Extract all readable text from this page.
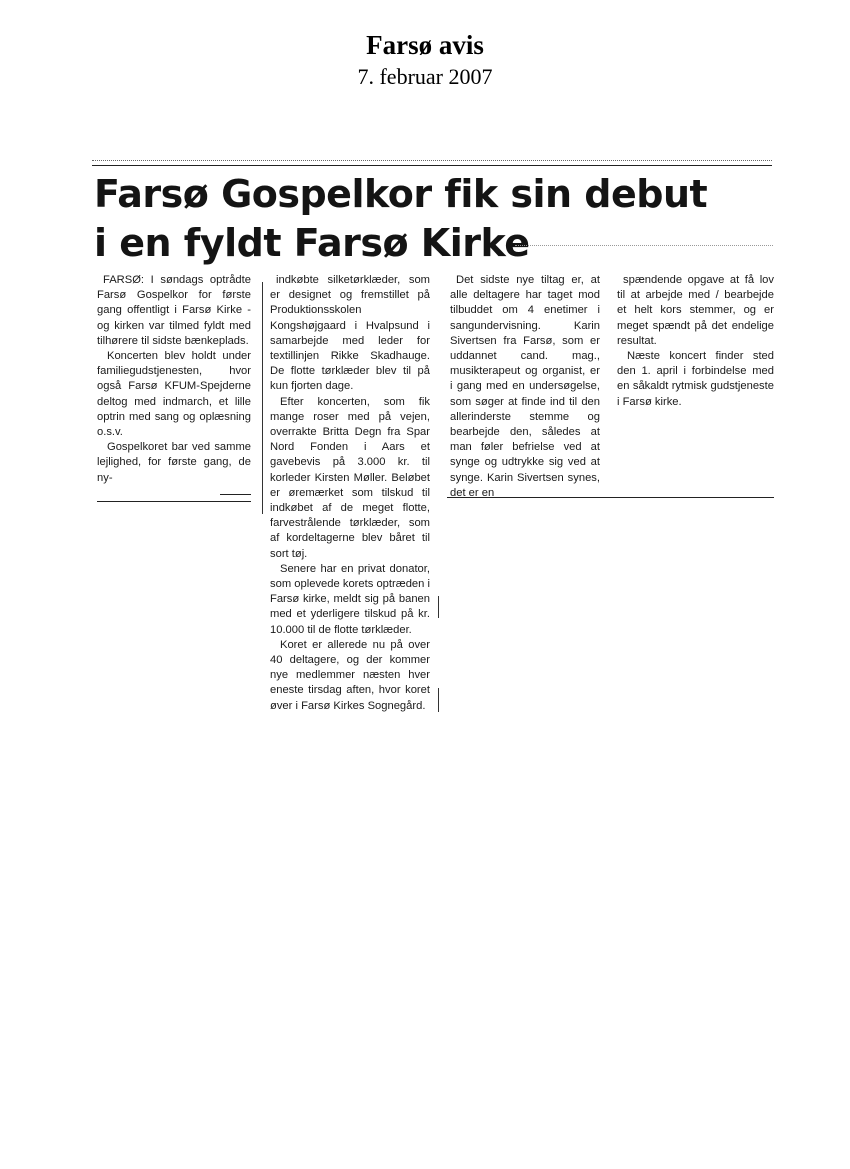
Farsø avis
7. februar 2007
Farsø Gospelkor fik sin debut
i en fyldt Farsø Kirke

FARSØ: I søndags optrådte Farsø Gospelkor for første gang offentligt i Farsø Kirke - og kirken var tilmed fyldt med tilhørere til sidste bænkeplads.

Koncerten blev holdt under familiegudstjenesten, hvor også Farsø KFUM-Spejderne deltog med indmarch, et lille optrin med sang og oplæsning o.s.v.

Gospelkoret bar ved samme lejlighed, for første gang, de ny-

indkøbte silketørklæder, som er designet og fremstillet på Produktionsskolen Kongshøjgaard i Hvalpsund i samarbejde med leder for textillinjen Rikke Skadhauge. De flotte tørklæder blev til på kun fjorten dage.

Efter koncerten, som fik mange roser med på vejen, overrakte Britta Degn fra Spar Nord Fonden i Aars et gavebevis på 3.000 kr. til korleder Kirsten Møller. Beløbet er øremærket som tilskud til indkøbet af de meget flotte, farvestrålende tørklæder, som af kordeltagerne blev båret til sort tøj.

Senere har en privat donator, som oplevede korets optræden i Farsø kirke, meldt sig på banen med et yderligere tilskud på kr. 10.000 til de flotte tørklæder.

Koret er allerede nu på over 40 deltagere, og der kommer nye medlemmer næsten hver eneste tirsdag aften, hvor koret øver i Farsø Kirkes Sognegård.

Det sidste nye tiltag er, at alle deltagere har taget mod tilbuddet om 4 enetimer i sangundervisning. Karin Sivertsen fra Farsø, som er uddannet cand. mag., musikterapeut og organist, er i gang med en undersøgelse, som søger at finde ind til den allerinderste stemme og bearbejde den, således at man føler befrielse ved at synge og udtrykke sig ved at synge. Karin Sivertsen synes, det er en

spændende opgave at få lov til at arbejde med / bearbejde et helt kors stemmer, og er meget spændt på det endelige resultat.

Næste koncert finder sted den 1. april i forbindelse med en såkaldt rytmisk gudstjeneste i Farsø kirke.
